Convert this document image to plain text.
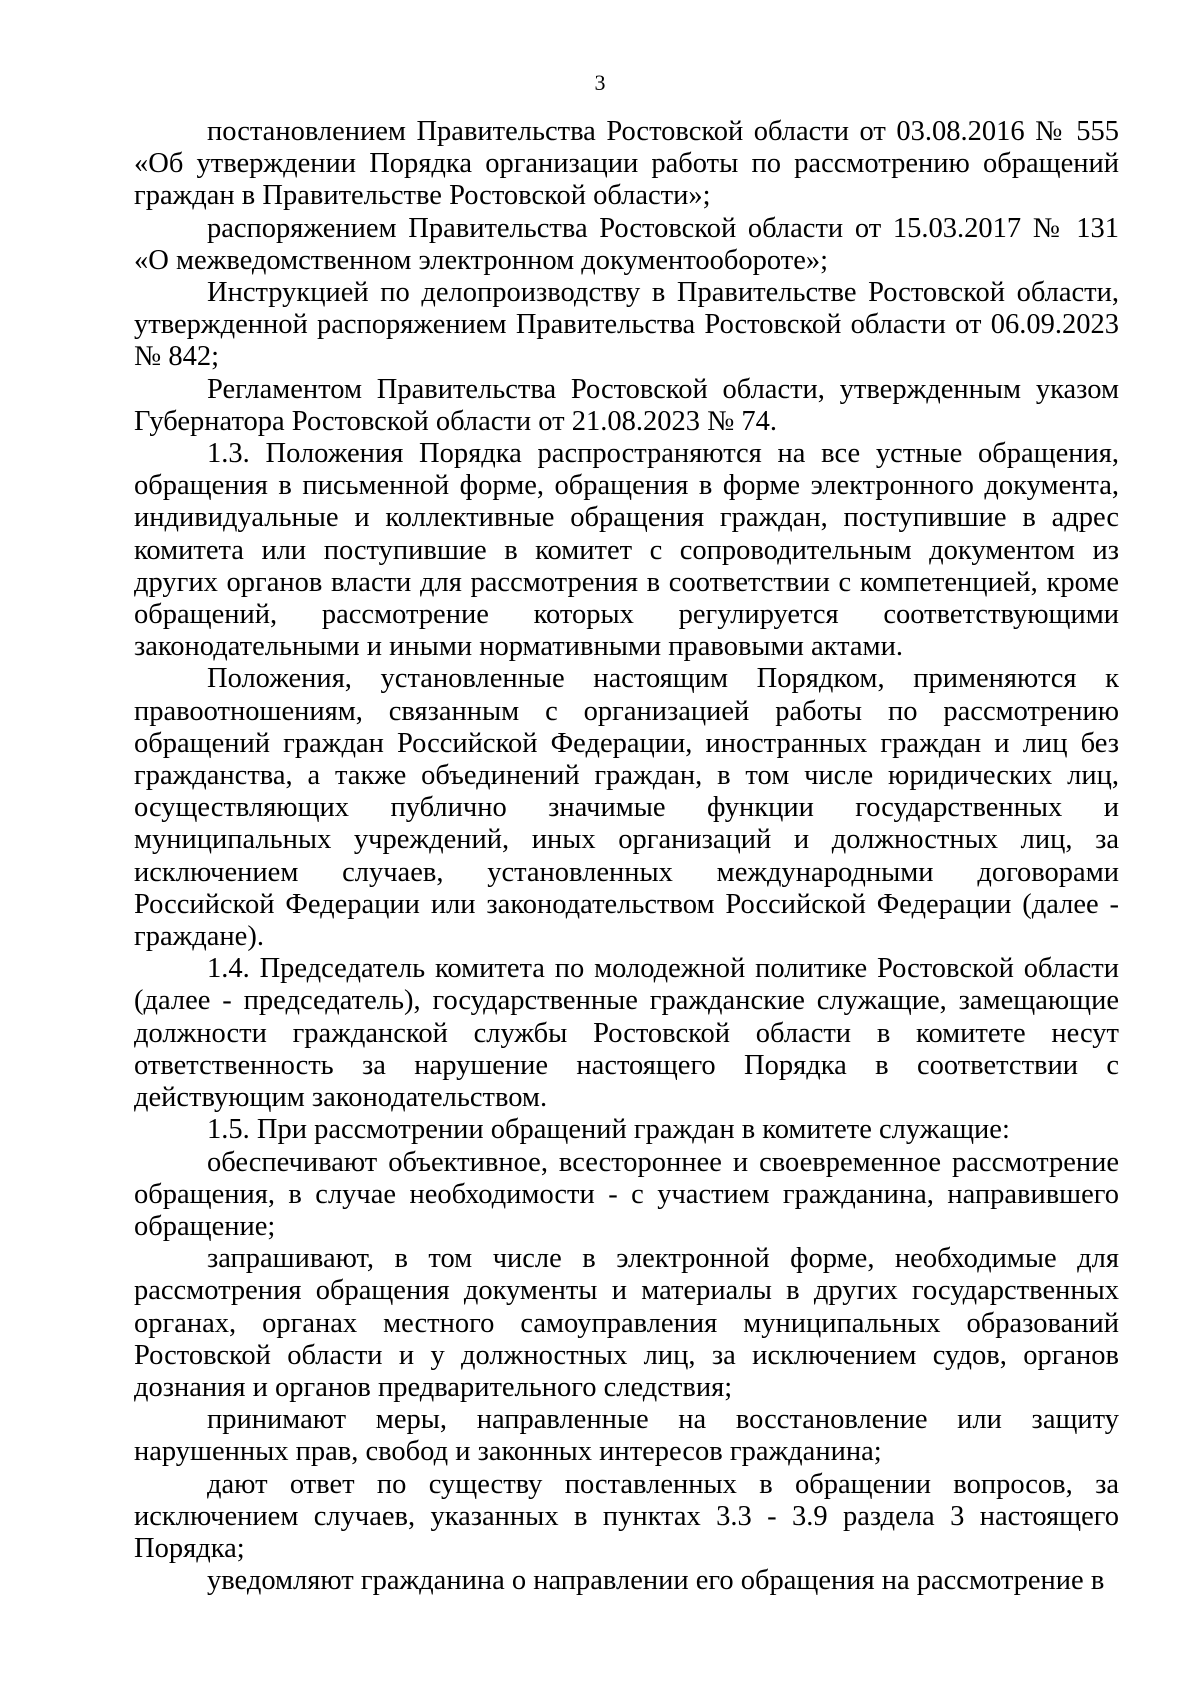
3

постановлением Правительства Ростовской области от 03.08.2016 № 555 «Об утверждении Порядка организации работы по рассмотрению обращений граждан в Правительстве Ростовской области»;

распоряжением Правительства Ростовской области от 15.03.2017 № 131 «О межведомственном электронном документообороте»;

Инструкцией по делопроизводству в Правительстве Ростовской области, утвержденной распоряжением Правительства Ростовской области от 06.09.2023 № 842;

Регламентом Правительства Ростовской области, утвержденным указом Губернатора Ростовской области от 21.08.2023 № 74.

1.3. Положения Порядка распространяются на все устные обращения, обращения в письменной форме, обращения в форме электронного документа, индивидуальные и коллективные обращения граждан, поступившие в адрес комитета или поступившие в комитет с сопроводительным документом из других органов власти для рассмотрения в соответствии с компетенцией, кроме обращений, рассмотрение которых регулируется соответствующими законодательными и иными нормативными правовыми актами.

Положения, установленные настоящим Порядком, применяются к правоотношениям, связанным с организацией работы по рассмотрению обращений граждан Российской Федерации, иностранных граждан и лиц без гражданства, а также объединений граждан, в том числе юридических лиц, осуществляющих публично значимые функции государственных и муниципальных учреждений, иных организаций и должностных лиц, за исключением случаев, установленных международными договорами Российской Федерации или законодательством Российской Федерации (далее - граждане).

1.4. Председатель комитета по молодежной политике Ростовской области (далее - председатель), государственные гражданские служащие, замещающие должности гражданской службы Ростовской области в комитете несут ответственность за нарушение настоящего Порядка в соответствии с действующим законодательством.

1.5. При рассмотрении обращений граждан в комитете служащие:

обеспечивают объективное, всестороннее и своевременное рассмотрение обращения, в случае необходимости - с участием гражданина, направившего обращение;

запрашивают, в том числе в электронной форме, необходимые для рассмотрения обращения документы и материалы в других государственных органах, органах местного самоуправления муниципальных образований Ростовской области и у должностных лиц, за исключением судов, органов дознания и органов предварительного следствия;

принимают меры, направленные на восстановление или защиту нарушенных прав, свобод и законных интересов гражданина;

дают ответ по существу поставленных в обращении вопросов, за исключением случаев, указанных в пунктах 3.3 - 3.9 раздела 3 настоящего Порядка;

уведомляют гражданина о направлении его обращения на рассмотрение в
